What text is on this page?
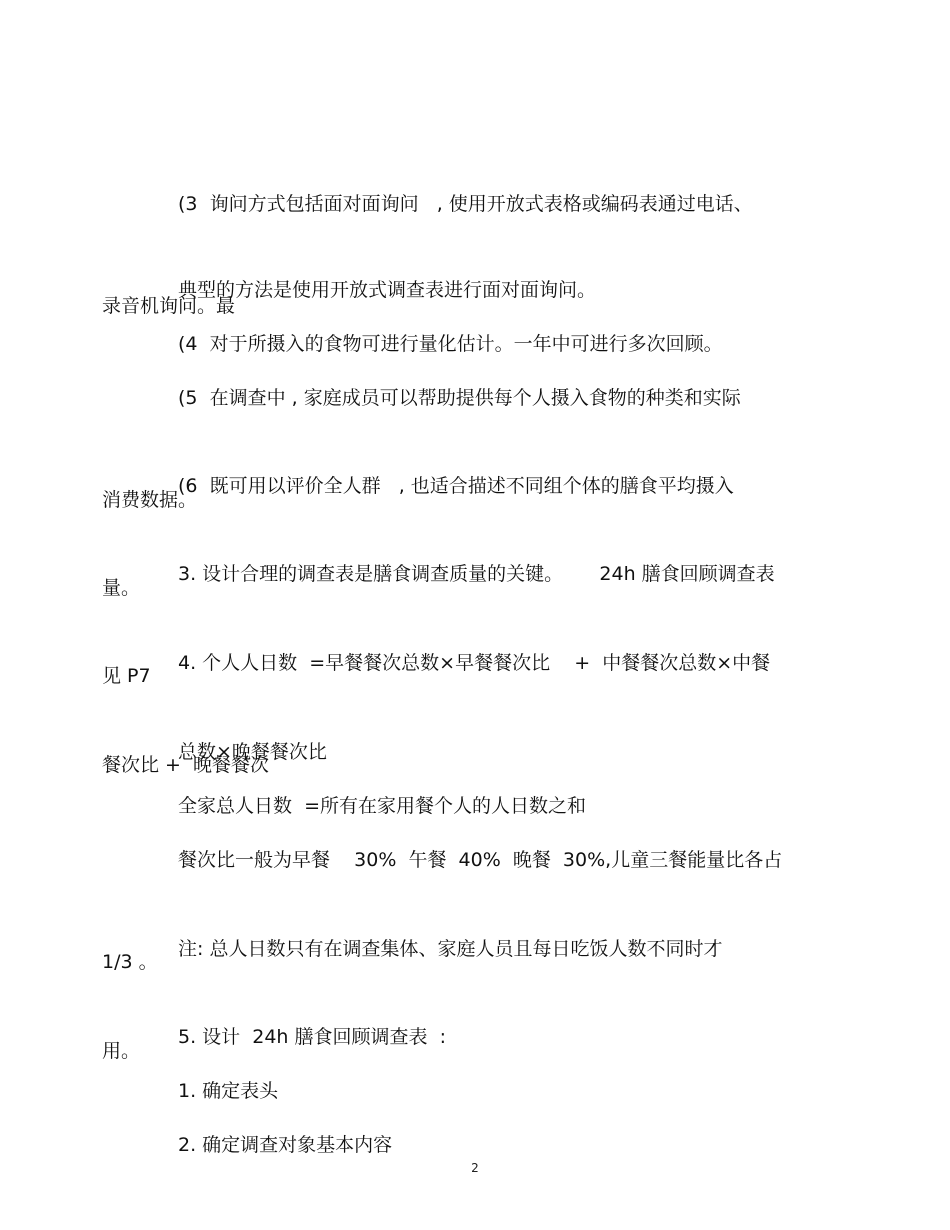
(3  询问方式包括面对面询问   , 使用开放式表格或编码表通过电话、

录音机询问。最

典型的方法是使用开放式调查表进行面对面询问。

(4  对于所摄入的食物可进行量化估计。一年中可进行多次回顾。

(5  在调查中 , 家庭成员可以帮助提供每个人摄入食物的种类和实际

消费数据。

(6  既可用以评价全人群   , 也适合描述不同组个体的膳食平均摄入

量。

3. 设计合理的调查表是膳食调查质量的关键。      24h 膳食回顾调查表

见 P7

4. 个人人日数  =早餐餐次总数×早餐餐次比    +  中餐餐次总数×中餐

餐次比 +  晚餐餐次

总数×晚餐餐次比

全家总人日数  =所有在家用餐个人的人日数之和

餐次比一般为早餐    30%  午餐  40%  晚餐  30%,儿童三餐能量比各占

1/3 。

注: 总人日数只有在调查集体、家庭人员且每日吃饭人数不同时才

用。

5. 设计  24h 膳食回顾调查表  :

1. 确定表头

2. 确定调查对象基本内容

2
